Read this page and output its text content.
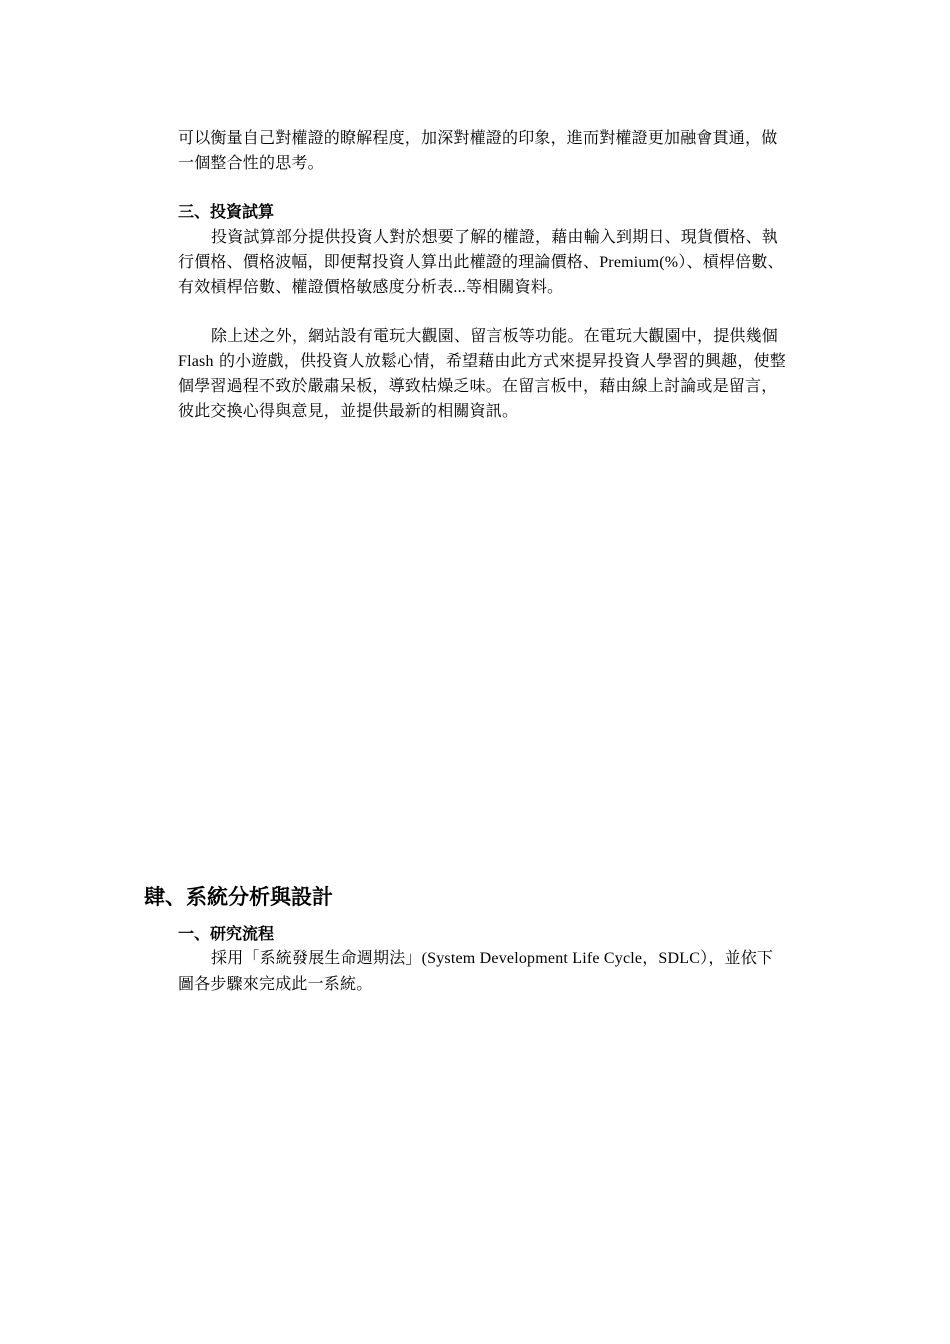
可以衡量自己對權證的瞭解程度，加深對權證的印象，進而對權證更加融會貫通，做
一個整合性的思考。
三、投資試算
投資試算部分提供投資人對於想要了解的權證，藉由輸入到期日、現貨價格、執
行價格、價格波幅，即便幫投資人算出此權證的理論價格、Premium(%）、槓桿倍數、
有效槓桿倍數、權證價格敏感度分析表...等相關資料。
除上述之外，網站設有電玩大觀園、留言板等功能。在電玩大觀園中，提供幾個
Flash 的小遊戲，供投資人放鬆心情，希望藉由此方式來提昇投資人學習的興趣，使整
個學習過程不致於嚴肅呆板，導致枯燥乏味。在留言板中，藉由線上討論或是留言，
彼此交換心得與意見，並提供最新的相關資訊。
肆、系統分析與設計
一、研究流程
採用「系統發展生命週期法」(System Development Life Cycle，SDLC），並依下
圖各步驟來完成此一系統。
